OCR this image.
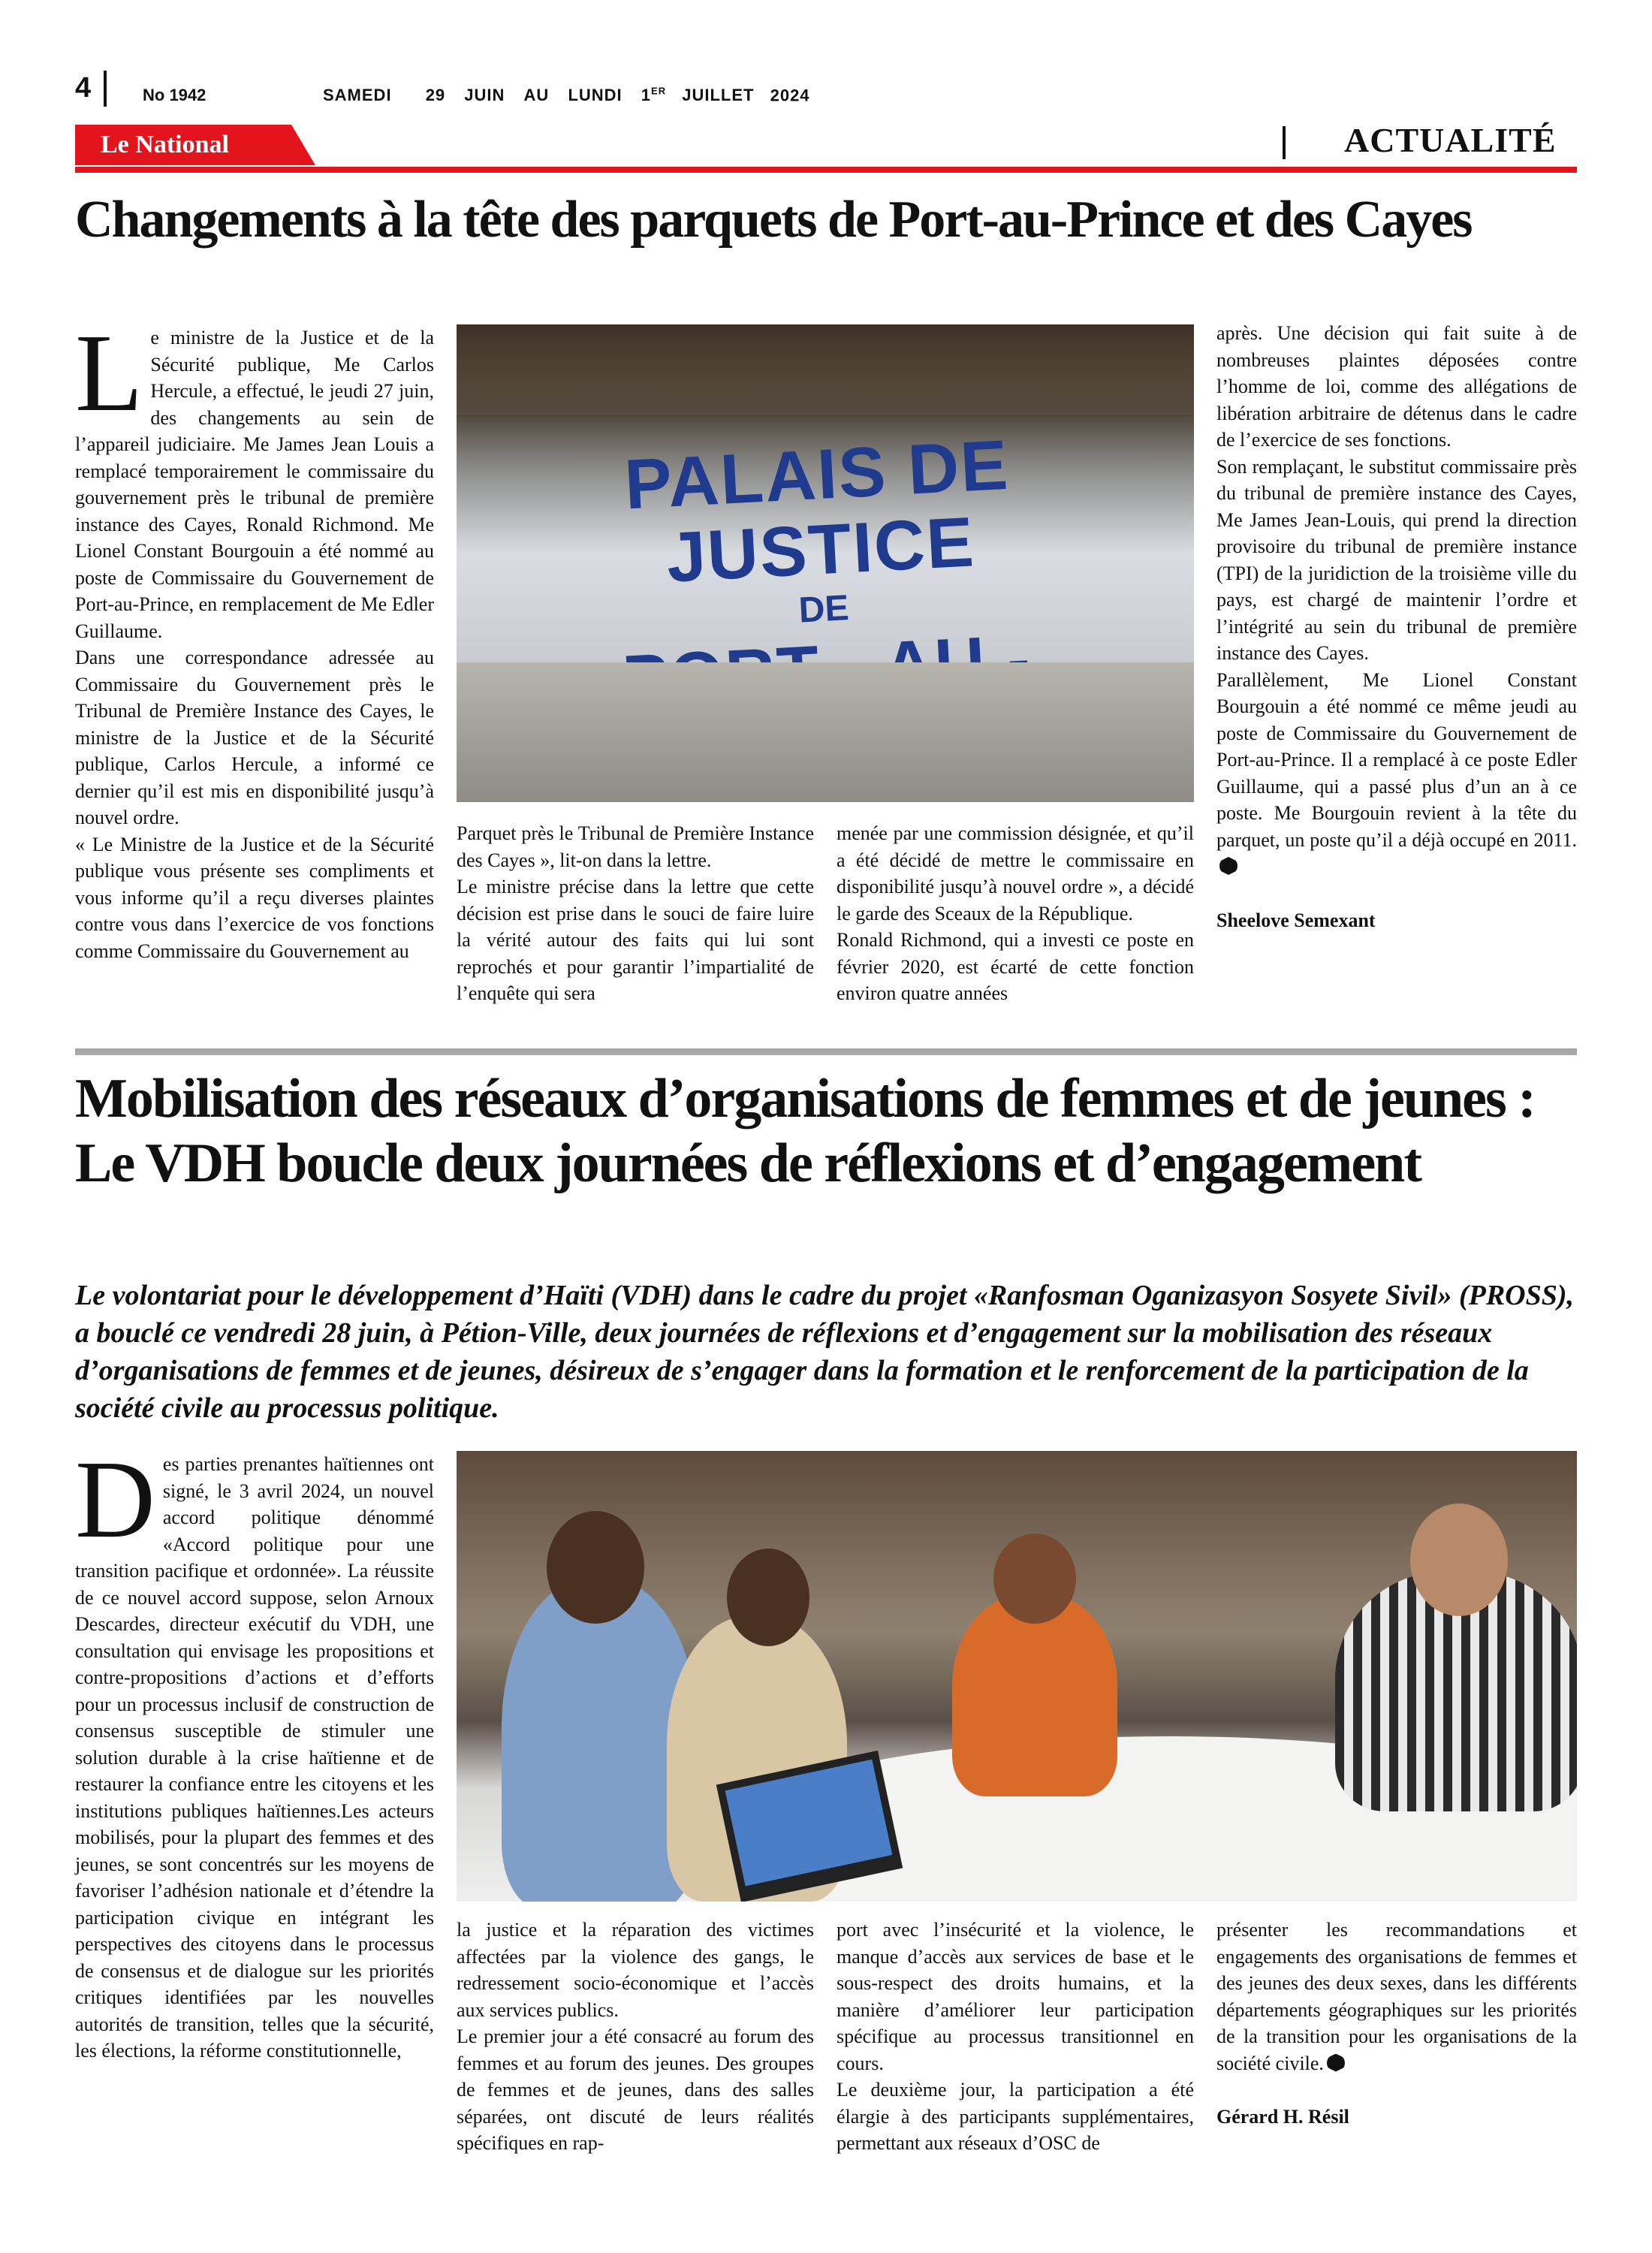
4	No 1942	SAMEDI 29 JUIN AU LUNDI 1ER JUILLET 2024
Le National	ACTUALITÉ
Changements à la tête des parquets de Port-au-Prince et des Cayes
L e ministre de la Justice et de la Sécurité publique, Me Carlos Hercule, a effectué, le jeudi 27 juin, des changements au sein de l’appareil judiciaire. Me James Jean Louis a remplacé temporairement le commissaire du gouvernement près le tribunal de première instance des Cayes, Ronald Richmond. Me Lionel Constant Bourgouin a été nommé au poste de Commissaire du Gouvernement de Port-au-Prince, en remplacement de Me Edler Guillaume.

Dans une correspondance adressée au Commissaire du Gouvernement près le Tribunal de Première Instance des Cayes, le ministre de la Justice et de la Sécurité publique, Carlos Hercule, a informé ce dernier qu’il est mis en disponibilité jusqu’à nouvel ordre.

« Le Ministre de la Justice et de la Sécurité publique vous présente ses compliments et vous informe qu’il a reçu diverses plaintes contre vous dans l’exercice de vos fonctions comme Commissaire du Gouvernement au

PALAIS DE JUSTICE
DE

Parquet près le Tribunal de Première Instance des Cayes », lit-on dans la lettre.

Le ministre précise dans la lettre que cette décision est prise dans le souci de faire luire la vérité autour des faits qui lui sont reprochés et pour garantir l’impartialité de l’enquête qui sera

menée par une commission désignée, et qu’il a été décidé de mettre le commissaire en disponibilité jusqu’à nouvel ordre », a décidé le garde des Sceaux de la République.

Ronald Richmond, qui a investi ce poste en février 2020, est écarté de cette fonction environ quatre années

après. Une décision qui fait suite à de nombreuses plaintes déposées contre l’homme de loi, comme des allégations de libération arbitraire de détenus dans le cadre de l’exercice de ses fonctions.

Son remplaçant, le substitut commissaire près du tribunal de première instance des Cayes, Me James Jean-Louis, qui prend la direction provisoire du tribunal de première instance (TPI) de la juridiction de la troisième ville du pays, est chargé de maintenir l’ordre et l’intégrité au sein du tribunal de première instance des Cayes.

Parallèlement, Me Lionel Constant Bourgouin a été nommé ce même jeudi au poste de Commissaire du Gouvernement de Port-au-Prince. Il a remplacé à ce poste Edler Guillaume, qui a passé plus d’un an à ce poste. Me Bourgouin revient à la tête du parquet, un poste qu’il a déjà occupé en 2011.

Sheelove Semexant

Mobilisation des réseaux d’organisations de femmes et de jeunes : Le VDH boucle deux journées de réflexions et d’engagement
Le volontariat pour le développement d’Haïti (VDH) dans le cadre du projet «Ranfosman Oganizasyon Sosyete Sivil» (PROSS), a bouclé ce vendredi 28 juin, à Pétion-Ville, deux journées de réflexions et d’engagement sur la mobilisation des réseaux d’organisations de femmes et de jeunes, désireux de s’engager dans la formation et le renforcement de la participation de la société civile au processus politique.
D es parties prenantes haïtiennes ont signé, le 3 avril 2024, un nouvel accord politique dénommé «Accord politique pour une transition pacifique et ordonnée». La réussite de ce nouvel accord suppose, selon Arnoux Descardes, directeur exécutif du VDH, une consultation qui envisage les propositions et contre-propositions d’actions et d’efforts pour un processus inclusif de construction de consensus susceptible de stimuler une solution durable à la crise haïtienne et de restaurer la confiance entre les citoyens et les institutions publiques haïtiennes.Les acteurs mobilisés, pour la plupart des femmes et des jeunes, se sont concentrés sur les moyens de favoriser l’adhésion nationale et d’étendre la participation civique en intégrant les perspectives des citoyens dans le processus de consensus et de dialogue sur les priorités critiques identifiées par les nouvelles autorités de transition, telles que la sécurité, les élections, la réforme constitutionnelle,

la justice et la réparation des victimes affectées par la violence des gangs, le redressement socio-économique et l’accès aux services publics.

Le premier jour a été consacré au forum des femmes et au forum des jeunes. Des groupes de femmes et de jeunes, dans des salles séparées, ont discuté de leurs réalités spécifiques en rap-

port avec l’insécurité et la violence, le manque d’accès aux services de base et le sous-respect des droits humains, et la manière d’améliorer leur participation spécifique au processus transitionnel en cours.

Le deuxième jour, la participation a été élargie à des participants supplémentaires, permettant aux réseaux d’OSC de

présenter les recommandations et engagements des organisations de femmes et des jeunes des deux sexes, dans les différents départements géographiques sur les priorités de la transition pour les organisations de la société civile.

Gérard H. Résil
